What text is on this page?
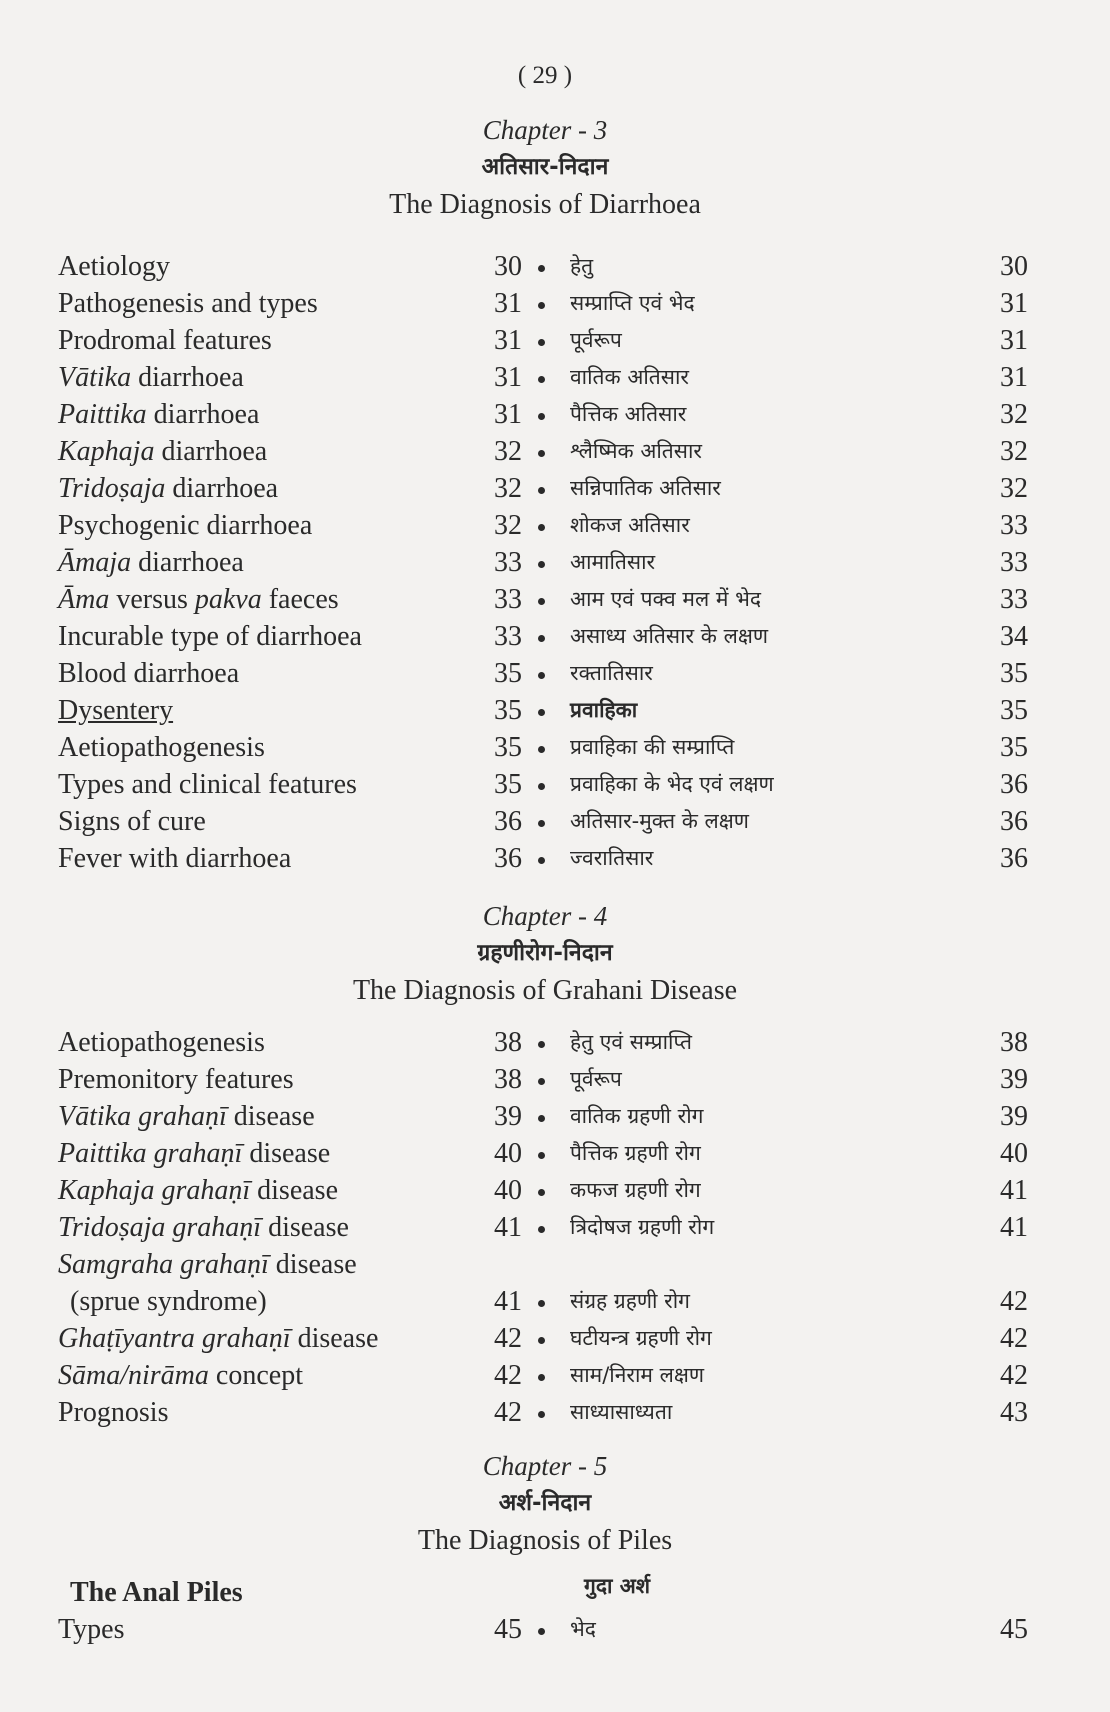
( 29 )
Chapter - 3
अतिसार-निदान
The Diagnosis of Diarrhoea
Aetiology	30 हेतु	30
Pathogenesis and types	31 सम्प्राप्ति एवं भेद	31
Prodromal features	31 पूर्वरूप	31
Vātika diarrhoea	31 वातिक अतिसार	31
Paittika diarrhoea	31 पैत्तिक अतिसार	32
Kaphaja diarrhoea	32 श्लैष्मिक अतिसार	32
Tridoṣaja diarrhoea	32 सन्निपातिक अतिसार	32
Psychogenic diarrhoea	32 शोकज अतिसार	33
Āmaja diarrhoea	33 आमातिसार	33
Āma versus pakva faeces	33 आम एवं पक्व मल में भेद	33
Incurable type of diarrhoea	33 असाध्य अतिसार के लक्षण	34
Blood diarrhoea	35 रक्तातिसार	35
Dysentery	35 प्रवाहिका	35
Aetiopathogenesis	35 प्रवाहिका की सम्प्राप्ति	35
Types and clinical features	35 प्रवाहिका के भेद एवं लक्षण	36
Signs of cure	36 अतिसार-मुक्त के लक्षण	36
Fever with diarrhoea	36 ज्वरातिसार	36
Chapter - 4
ग्रहणीरोग-निदान
The Diagnosis of Grahani Disease
Aetiopathogenesis	38 हेतु एवं सम्प्राप्ति	38
Premonitory features	38 पूर्वरूप	39
Vātika grahaṇī disease	39 वातिक ग्रहणी रोग	39
Paittika grahaṇī disease	40 पैत्तिक ग्रहणी रोग	40
Kaphaja grahaṇī disease	40 कफज ग्रहणी रोग	41
Tridoṣaja grahaṇī disease	41 त्रिदोषज ग्रहणी रोग	41
Samgraha grahaṇī disease
(sprue syndrome)	41 संग्रह ग्रहणी रोग	42
Ghaṭīyantra grahaṇī disease	42 घटीयन्त्र ग्रहणी रोग	42
Sāma/nirāma concept	42 साम/निराम लक्षण	42
Prognosis	42 साध्यासाध्यता	43
Chapter - 5
अर्श-निदान
The Diagnosis of Piles
The Anal Piles	गुदा अर्श
Types	45 भेद	45
